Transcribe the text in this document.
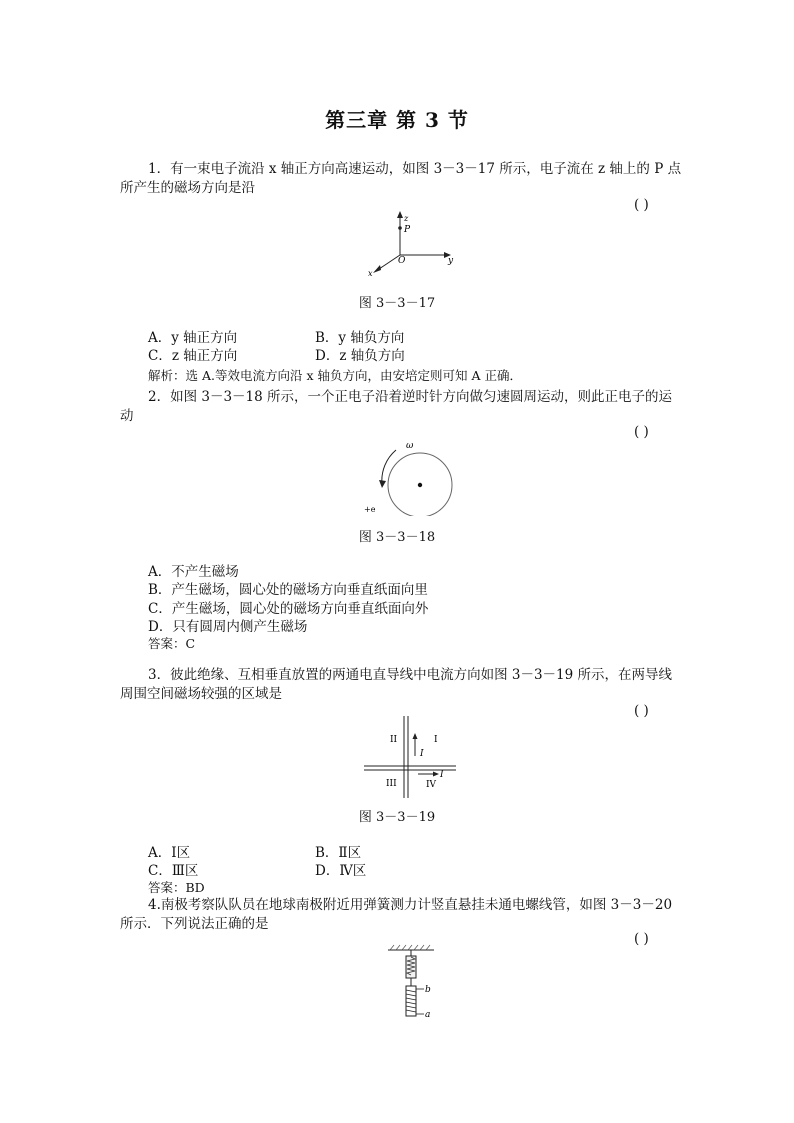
第三章 第 3 节
1．有一束电子流沿 x 轴正方向高速运动，如图 3－3－17 所示，电子流在 z 轴上的 P 点
所产生的磁场方向是沿
( )
z
P
O	y
x
图 3－3－17
A．y 轴正方向	B．y 轴负方向
C．z 轴正方向	D．z 轴负方向
解析：选 A.等效电流方向沿 x 轴负方向，由安培定则可知 A 正确．
2．如图 3－3－18 所示，一个正电子沿着逆时针方向做匀速圆周运动，则此正电子的运
动
( )
ω
+e
图 3－3－18
A．不产生磁场
B．产生磁场，圆心处的磁场方向垂直纸面向里
C．产生磁场，圆心处的磁场方向垂直纸面向外
D．只有圆周内侧产生磁场
答案：C
3．彼此绝缘、互相垂直放置的两通电直导线中电流方向如图 3－3－19 所示，在两导线
周围空间磁场较强的区域是
( )
II	I
III	IV
I
I
图 3－3－19
A．Ⅰ区	B．Ⅱ区
C．Ⅲ区	D．Ⅳ区
答案：BD
4.南极考察队队员在地球南极附近用弹簧测力计竖直悬挂未通电螺线管，如图 3－3－20
所示．下列说法正确的是
( )
b
a
